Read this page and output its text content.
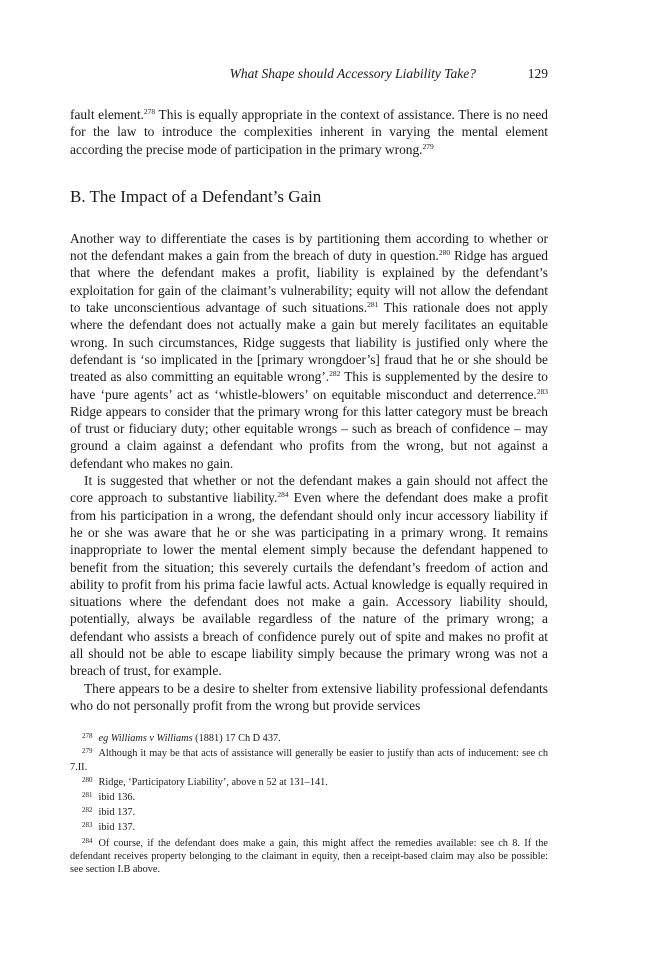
What Shape should Accessory Liability Take?	129

fault element.$^{278}$ This is equally appropriate in the context of assistance. There is no need for the law to introduce the complexities inherent in varying the mental element according the precise mode of participation in the primary wrong.$^{279}$

B. The Impact of a Defendant’s Gain

Another way to differentiate the cases is by partitioning them according to whether or not the defendant makes a gain from the breach of duty in question.$^{280}$ Ridge has argued that where the defendant makes a profit, liability is explained by the defendant’s exploitation for gain of the claimant’s vulnerability; equity will not allow the defendant to take unconscientious advantage of such situations.$^{281}$ This rationale does not apply where the defendant does not actually make a gain but merely facilitates an equitable wrong. In such circumstances, Ridge suggests that liability is justified only where the defendant is ‘so implicated in the [primary wrongdoer’s] fraud that he or she should be treated as also committing an equitable wrong’.$^{282}$ This is supplemented by the desire to have ‘pure agents’ act as ‘whistle-blowers’ on equitable misconduct and deterrence.$^{283}$ Ridge appears to consider that the primary wrong for this latter category must be breach of trust or fiduciary duty; other equitable wrongs – such as breach of confidence – may ground a claim against a defendant who profits from the wrong, but not against a defendant who makes no gain.

It is suggested that whether or not the defendant makes a gain should not affect the core approach to substantive liability.$^{284}$ Even where the defendant does make a profit from his participation in a wrong, the defendant should only incur accessory liability if he or she was aware that he or she was participating in a primary wrong. It remains inappropriate to lower the mental element simply because the defendant happened to benefit from the situation; this severely curtails the defendant’s freedom of action and ability to profit from his prima facie lawful acts. Actual knowledge is equally required in situations where the defendant does not make a gain. Accessory liability should, potentially, always be available regardless of the nature of the primary wrong; a defendant who assists a breach of confidence purely out of spite and makes no profit at all should not be able to escape liability simply because the primary wrong was not a breach of trust, for example.

There appears to be a desire to shelter from extensive liability professional defendants who do not personally profit from the wrong but provide services

$^{278}$ eg Williams v Williams (1881) 17 Ch D 437.

$^{279}$ Although it may be that acts of assistance will generally be easier to justify than acts of inducement: see ch 7.II.

$^{280}$ Ridge, ‘Participatory Liability’, above n 52 at 131–141.

$^{281}$ ibid 136.

$^{282}$ ibid 137.

$^{283}$ ibid 137.

$^{284}$ Of course, if the defendant does make a gain, this might affect the remedies available: see ch 8. If the defendant receives property belonging to the claimant in equity, then a receipt-based claim may also be possible: see section I.B above.
